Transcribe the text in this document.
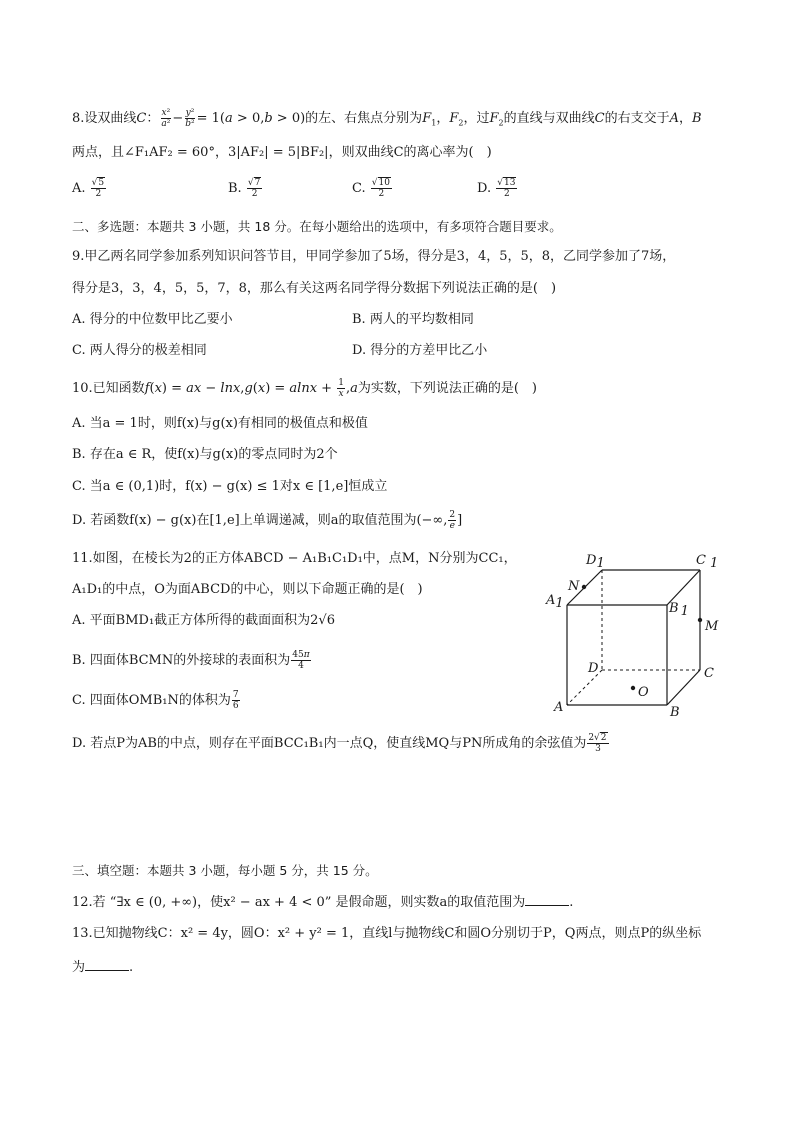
8.设双曲线C： $\frac{\text{x²}}{\text{a²}} - \frac{\text{y²}}{\text{b²}} = 1(a > 0,b > 0)$的左、右焦点分别为$F_1$，$F_2$，过$F_2$的直线与双曲线C的右支交于A，B
两点，且∠F₁AF₂ = 60°，3|AF₂| = 5|BF₂|，则双曲线C的离心率为(　)
A. $\frac{√5}{2}$	B. $\frac{√7}{2}$	C. $\frac{√10}{2}$	D. $\frac{√13}{2}$
二、多选题：本题共 3 小题，共 18 分。在每小题给出的选项中，有多项符合题目要求。
9.甲乙两名同学参加系列知识问答节目，甲同学参加了5场，得分是3，4，5，5，8，乙同学参加了7场，
得分是3，3，4，5，5，7，8，那么有关这两名同学得分数据下列说法正确的是(　)
A. 得分的中位数甲比乙要小	B. 两人的平均数相同
C. 两人得分的极差相同	D. 得分的方差甲比乙小
10.已知函数f(x) = ax − $\ln x,g(x) = alnx + \frac{1}{x} ,a$为实数，下列说法正确的是(　)
A. 当a = 1时，则f(x)与g(x)有相同的极值点和极值
B. 存在a ∈ R，使f(x)与g(x)的零点同时为2个
C. 当a ∈ (0,1)时，f(x) − g(x) ≤ 1对x ∈ [1,e]恒成立
D. 若函数f(x) − g(x)在[1,e]上单调递减，则a的取值范围为(−∞, $\frac{2}{e}$ ]
11.如图，在棱长为2的正方体ABCD − A₁B₁C₁D₁中，点M，N分别为CC₁，
A₁D₁的中点，O为面ABCD的中心，则以下命题正确的是(　)
A. 平面BMD₁截正方体所得的截面面积为2√6
B. 四面体BCMN的外接球的表面积为 $\frac{45\pi}{4}$
C. 四面体OMB₁N的体积为 $\frac{7}{6}$
D. 若点P为AB的中点，则存在平面BCC₁B₁内一点Q，使直线MQ与PN所成角的余弦值为 $\frac{2√2}{3}$
D1	C 1
A1	B 1
N
M
D	C
O
A	B
三、填空题：本题共 3 小题，每小题 5 分，共 15 分。
12.若 “∃x ∈ (0, +∞)，使x² − ax + 4 < 0” 是假命题，则实数a的取值范围为	.
13.已知抛物线C：x² = 4y，圆O：x² + y² = 1，直线l与抛物线C和圆O分别切于P，Q两点，则点P的纵坐标
为	.
